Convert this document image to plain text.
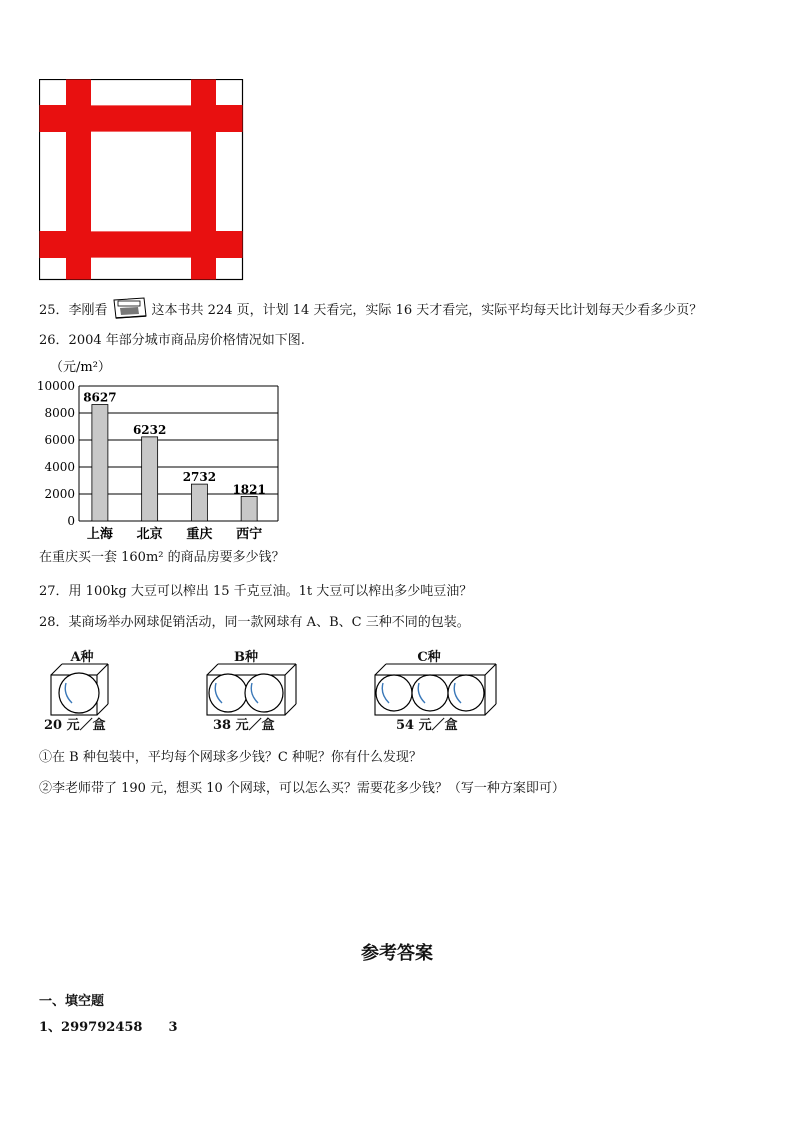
25．李刚看	这本书共 224 页，计划 14 天看完，实际 16 天才看完，实际平均每天比计划每天少看多少页？
26．2004 年部分城市商品房价格情况如下图.
（元/m²）
0
2000
4000
6000
8000
10000
8627
上海
6232
北京
2732
重庆
1821
西宁
在重庆买一套 160m² 的商品房要多少钱？
27．用 100kg 大豆可以榨出 15 千克豆油。1t 大豆可以榨出多少吨豆油？
28．某商场举办网球促销活动，同一款网球有 A、B、C 三种不同的包装。
A种
20 元／盒
B种
38 元／盒
C种
54 元／盒
①在 B 种包装中，平均每个网球多少钱？C 种呢？你有什么发现？
②李老师带了 190 元，想买 10 个网球，可以怎么买？需要花多少钱？（写一种方案即可）
参考答案
一、填空题
1、299792458 3
